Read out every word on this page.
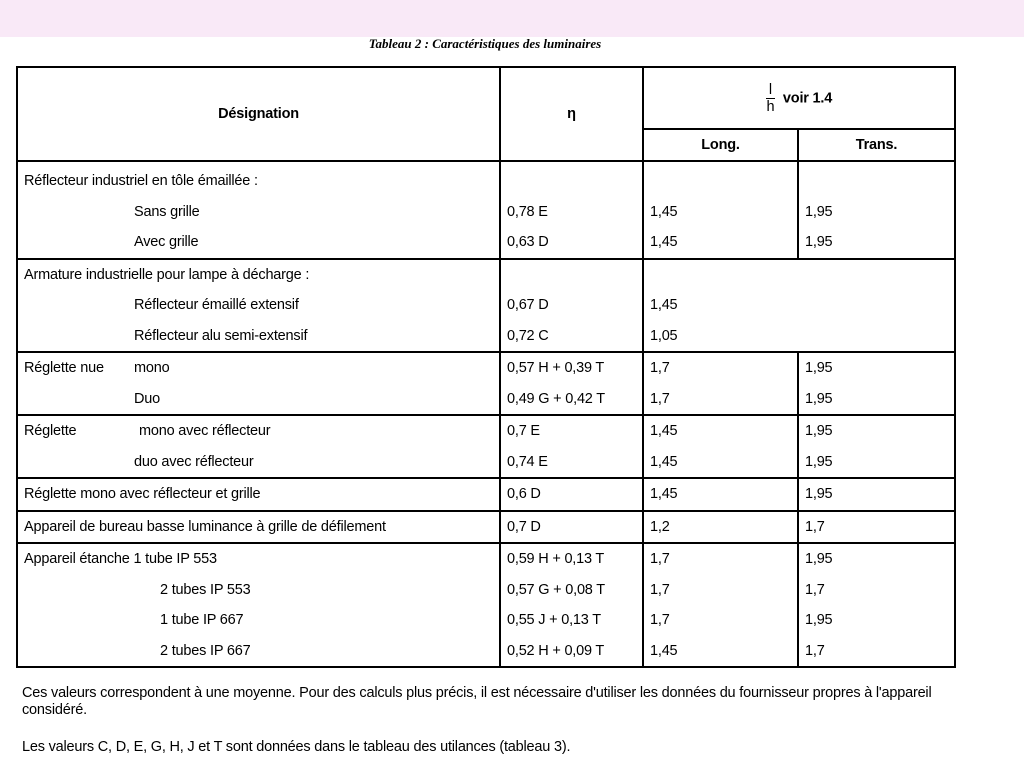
Tableau 2 : Caractéristiques des luminaires
Désignation	η	$\frac{l}{h}$ voir 1.4	
		Long.	Trans.
Réflecteur industriel en tôle émaillée :			
Sans grille	0,78 E	1,45	1,95
Avec grille	0,63 D	1,45	1,95
Armature industrielle pour lampe à décharge :			
Réflecteur émaillé extensif	0,67 D	1,45	
Réflecteur alu semi-extensif	0,72 C	1,05	
Réglette nue mono	0,57 H + 0,39 T	1,7	1,95
Duo	0,49 G + 0,42 T	1,7	1,95
Réglette mono avec réflecteur	0,7 E	1,45	1,95
duo avec réflecteur	0,74 E	1,45	1,95
Réglette mono avec réflecteur et grille	0,6 D	1,45	1,95
Appareil de bureau basse luminance à grille de défilement	0,7 D	1,2	1,7
Appareil étanche 1 tube IP 553	0,59 H + 0,13 T	1,7	1,95
2 tubes IP 553	0,57 G + 0,08 T	1,7	1,7
1 tube IP 667	0,55 J + 0,13 T	1,7	1,95
2 tubes IP 667	0,52 H + 0,09 T	1,45	1,7
Ces valeurs correspondent à une moyenne. Pour des calculs plus précis, il est nécessaire d'utiliser les données du fournisseur propres à l'appareil considéré.
Les valeurs C, D, E, G, H, J et T sont données dans le tableau des utilances (tableau 3).
